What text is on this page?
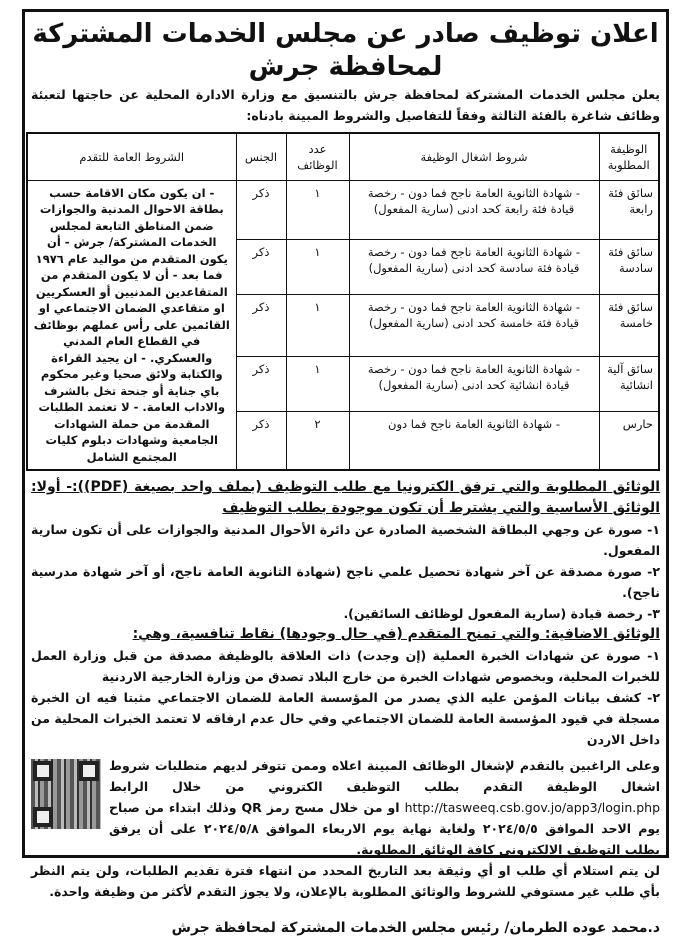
اعلان توظيف صادر عن مجلس الخدمات المشتركة لمحافظة جرش
يعلن مجلس الخدمات المشتركة لمحافظة جرش بالتنسيق مع وزارة الادارة المحلية عن حاجتها لتعبئة وظائف شاغرة بالفئة الثالثة وفقاً للتفاصيل والشروط المبينة بادناه:
الوظيفة المطلوبة	شروط اشغال الوظيفة	عدد الوظائف	الجنس	الشروط العامة للتقدم
سائق فئة رابعة	- شهادة الثانوية العامة ناجح فما دون - رخصة قيادة فئة رابعة كحد ادنى (سارية المفعول)	١	ذكر	- ان يكون مكان الاقامة حسب بطاقة الاحوال المدنية والجوازات ضمن المناطق التابعة لمجلس الخدمات المشتركة/ جرش - أن يكون المتقدم من مواليد عام ١٩٧٦ فما بعد - أن لا يكون المتقدم من المتقاعدين المدنيين أو العسكريين او متقاعدي الضمان الاجتماعي او القائمين على رأس عملهم بوظائف في القطاع العام المدني والعسكري. - ان يجيد القراءة والكتابة ولائق صحيا وغير محكوم باي جناية أو جنحة تخل بالشرف والاداب العامة. - لا تعتمد الطلبات المقدمة من حملة الشهادات الجامعية وشهادات دبلوم كليات المجتمع الشامل
سائق فئة سادسة	- شهادة الثانوية العامة ناجح فما دون - رخصة قيادة فئة سادسة كحد ادنى (سارية المفعول)	١	ذكر	
سائق فئة خامسة	- شهادة الثانوية العامة ناجح فما دون - رخصة قيادة فئة خامسة كحد ادنى (سارية المفعول)	١	ذكر	
سائق آلية انشائية	- شهادة الثانوية العامة ناجح فما دون - رخصة قيادة انشائية كحد ادنى (سارية المفعول)	١	ذكر	
حارس	- شهادة الثانوية العامة ناجح فما دون	٢	ذكر	
الوثائق المطلوبة والتي ترفق الكترونيا مع طلب التوظيف (بملف واحد بصيغة (PDF)):- أولا: الوثائق الأساسية والتي يشترط أن تكون موجودة بطلب التوظيف
١- صورة عن وجهي البطاقة الشخصية الصادرة عن دائرة الأحوال المدنية والجوازات على أن تكون سارية المفعول.
٢- صورة مصدقة عن آخر شهادة تحصيل علمي ناجح (شهادة الثانوية العامة ناجح، أو آخر شهادة مدرسية ناجح).
٣- رخصة قيادة (سارية المفعول لوظائف السائقين).
الوثائق الاضافية: والتي تمنح المتقدم (في حال وجودها) نقاط تنافسية، وهي:
١- صورة عن شهادات الخبرة العملية (إن وجدت) ذات العلاقة بالوظيفة مصدقة من قبل وزارة العمل للخبرات المحلية، وبخصوص شهادات الخبرة من خارج البلاد تصدق من وزارة الخارجية الاردنية
٢- كشف بيانات المؤمن عليه الذي يصدر من المؤسسة العامة للضمان الاجتماعي مثبتا فيه ان الخبرة مسجلة في قيود المؤسسة العامة للضمان الاجتماعي وفي حال عدم ارفاقه لا تعتمد الخبرات المحلية من داخل الاردن
وعلى الراغبين بالتقدم لإشغال الوظائف المبينة اعلاه وممن تتوفر لديهم متطلبات شروط اشغال الوظيفة التقدم بطلب التوظيف الكتروني من خلال الرابط http://tasweeq.csb.gov.jo/app3/login.php او من خلال مسح رمز QR وذلك ابتداء من صباح يوم الاحد الموافق ٢٠٢٤/٥/٥ ولغاية نهاية يوم الاربعاء الموافق ٢٠٢٤/٥/٨ على أن يرفق بطلب التوظيف الالكتروني كافة الوثائق المطلوبة.
لن يتم استلام أي طلب او أي وثيقة بعد التاريخ المحدد من انتهاء فترة تقديم الطلبات، ولن يتم النظر بأي طلب غير مستوفي للشروط والوثائق المطلوبة بالإعلان، ولا يجوز التقدم لأكثر من وظيفة واحدة.
د.محمد عوده الطرمان/ رئيس مجلس الخدمات المشتركة لمحافظة جرش
